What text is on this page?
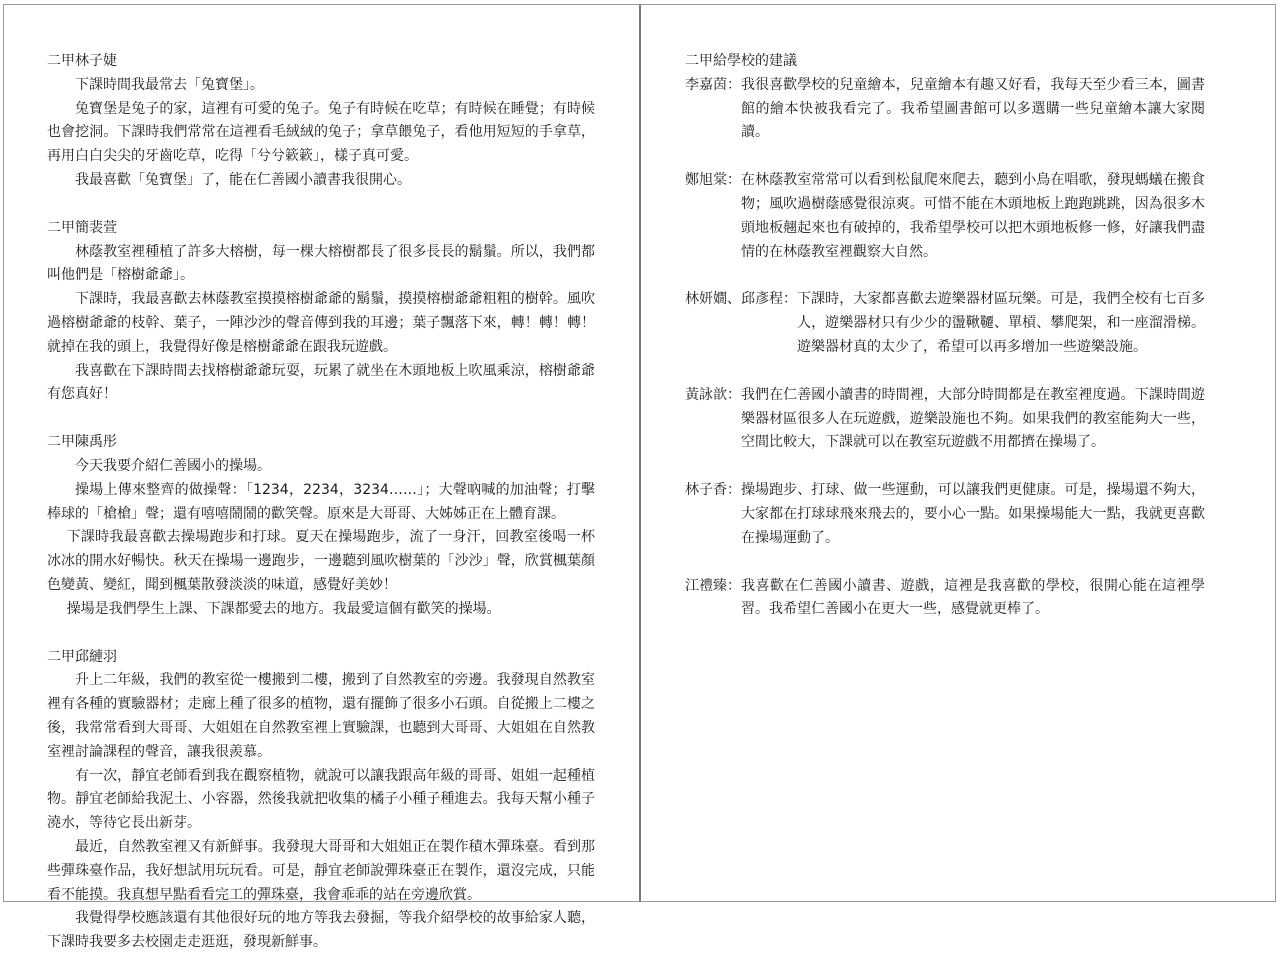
二甲林子婕
下課時間我最常去「兔寶堡」。
兔寶堡是兔子的家，這裡有可愛的兔子。兔子有時候在吃草；有時候在睡覺；有時候也會挖洞。下課時我們常常在這裡看毛絨絨的兔子；拿草餵兔子，看他用短短的手拿草，再用白白尖尖的牙齒吃草，吃得「兮兮簌簌」，樣子真可愛。
我最喜歡「兔寶堡」了，能在仁善國小讀書我很開心。
二甲簡裴萱
林蔭教室裡種植了許多大榕樹，每一棵大榕樹都長了很多長長的鬍鬚。所以，我們都叫他們是「榕樹爺爺」。
下課時，我最喜歡去林蔭教室摸摸榕樹爺爺的鬍鬚，摸摸榕樹爺爺粗粗的樹幹。風吹過榕樹爺爺的枝幹、葉子，一陣沙沙的聲音傳到我的耳邊；葉子飄落下來，轉！轉！轉！就掉在我的頭上，我覺得好像是榕樹爺爺在跟我玩遊戲。
我喜歡在下課時間去找榕樹爺爺玩耍，玩累了就坐在木頭地板上吹風乘涼，榕樹爺爺有您真好！
二甲陳禹彤
今天我要介紹仁善國小的操場。
操場上傳來整齊的做操聲：「1234，2234，3234……」；大聲吶喊的加油聲；打擊棒球的「槍槍」聲；還有嘻嘻鬧鬧的歡笑聲。原來是大哥哥、大姊姊正在上體育課。
下課時我最喜歡去操場跑步和打球。夏天在操場跑步，流了一身汗，回教室後喝一杯冰冰的開水好暢快。秋天在操場一邊跑步，一邊聽到風吹樹葉的「沙沙」聲，欣賞楓葉顏色變黃、變紅，聞到楓葉散發淡淡的味道，感覺好美妙！
操場是我們學生上課、下課都愛去的地方。我最愛這個有歡笑的操場。
二甲邱縺羽
升上二年級，我們的教室從一樓搬到二樓，搬到了自然教室的旁邊。我發現自然教室裡有各種的實驗器材；走廊上種了很多的植物，還有擺飾了很多小石頭。自從搬上二樓之後，我常常看到大哥哥、大姐姐在自然教室裡上實驗課，也聽到大哥哥、大姐姐在自然教室裡討論課程的聲音，讓我很羨慕。
有一次，靜宜老師看到我在觀察植物，就說可以讓我跟高年級的哥哥、姐姐一起種植物。靜宜老師給我泥土、小容器，然後我就把收集的橘子小種子種進去。我每天幫小種子澆水，等待它長出新芽。
最近，自然教室裡又有新鮮事。我發現大哥哥和大姐姐正在製作積木彈珠臺。看到那些彈珠臺作品，我好想試用玩玩看。可是，靜宜老師說彈珠臺正在製作，還沒完成，只能看不能摸。我真想早點看看完工的彈珠臺，我會乖乖的站在旁邊欣賞。
我覺得學校應該還有其他很好玩的地方等我去發掘，等我介紹學校的故事給家人聽，下課時我要多去校園走走逛逛，發現新鮮事。
二甲給學校的建議
李嘉茵： 我很喜歡學校的兒童繪本，兒童繪本有趣又好看，我每天至少看三本，圖書館的繪本快被我看完了。我希望圖書館可以多選購一些兒童繪本讓大家閱讀。
鄭旭棠： 在林蔭教室常常可以看到松鼠爬來爬去，聽到小鳥在唱歌，發現螞蟻在搬食物；風吹過樹蔭感覺很涼爽。可惜不能在木頭地板上跑跑跳跳，因為很多木頭地板翹起來也有破掉的，我希望學校可以把木頭地板修一修，好讓我們盡情的在林蔭教室裡觀察大自然。
林妍嫺、邱彥程： 下課時，大家都喜歡去遊樂器材區玩樂。可是，我們全校有七百多人，遊樂器材只有少少的盪鞦韆、單槓、攀爬架，和一座溜滑梯。遊樂器材真的太少了，希望可以再多增加一些遊樂設施。
黃詠歆： 我們在仁善國小讀書的時間裡，大部分時間都是在教室裡度過。下課時間遊樂器材區很多人在玩遊戲，遊樂設施也不夠。如果我們的教室能夠大一些，空間比較大，下課就可以在教室玩遊戲不用都擠在操場了。
林子香： 操場跑步、打球、做一些運動，可以讓我們更健康。可是，操場還不夠大，大家都在打球球飛來飛去的，要小心一點。如果操場能大一點，我就更喜歡在操場運動了。
江禮臻： 我喜歡在仁善國小讀書、遊戲，這裡是我喜歡的學校，很開心能在這裡學習。我希望仁善國小在更大一些，感覺就更棒了。
